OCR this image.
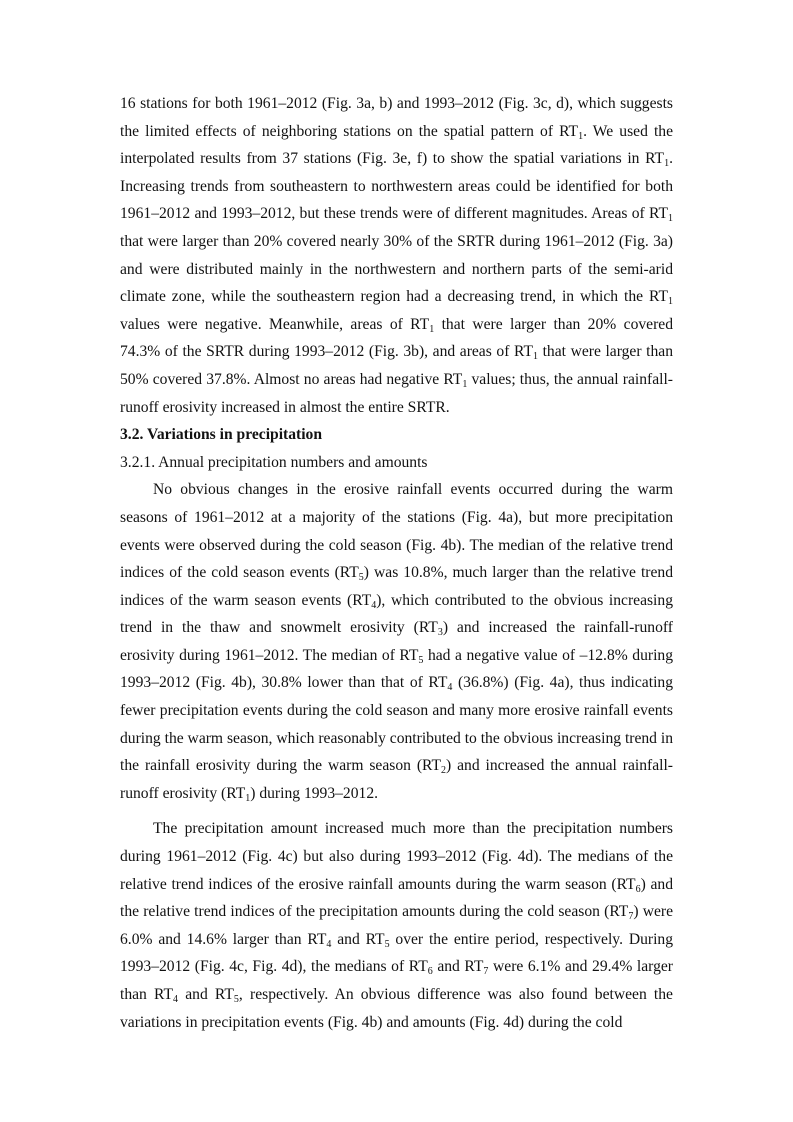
16 stations for both 1961–2012 (Fig. 3a, b) and 1993–2012 (Fig. 3c, d), which suggests the limited effects of neighboring stations on the spatial pattern of $RT_1$. We used the interpolated results from 37 stations (Fig. 3e, f) to show the spatial variations in $RT_1$. Increasing trends from southeastern to northwestern areas could be identified for both 1961–2012 and 1993–2012, but these trends were of different magnitudes. Areas of $RT_1$ that were larger than 20% covered nearly 30% of the SRTR during 1961–2012 (Fig. 3a) and were distributed mainly in the northwestern and northern parts of the semi-arid climate zone, while the southeastern region had a decreasing trend, in which the $RT_1$ values were negative. Meanwhile, areas of $RT_1$ that were larger than 20% covered 74.3% of the SRTR during 1993–2012 (Fig. 3b), and areas of $RT_1$ that were larger than 50% covered 37.8%. Almost no areas had negative $RT_1$ values; thus, the annual rainfall-runoff erosivity increased in almost the entire SRTR.

3.2. Variations in precipitation
3.2.1. Annual precipitation numbers and amounts

No obvious changes in the erosive rainfall events occurred during the warm seasons of 1961–2012 at a majority of the stations (Fig. 4a), but more precipitation events were observed during the cold season (Fig. 4b). The median of the relative trend indices of the cold season events $(RT_5)$ was 10.8%, much larger than the relative trend indices of the warm season events $(RT_4)$, which contributed to the obvious increasing trend in the thaw and snowmelt erosivity $(RT_3)$ and increased the rainfall-runoff erosivity during 1961–2012. The median of $RT_5$ had a negative value of –12.8% during 1993–2012 (Fig. 4b), 30.8% lower than that of $RT_4$ (36.8%) (Fig. 4a), thus indicating fewer precipitation events during the cold season and many more erosive rainfall events during the warm season, which reasonably contributed to the obvious increasing trend in the rainfall erosivity during the warm season $(RT_2)$ and increased the annual rainfall-runoff erosivity $(RT_1)$ during 1993–2012.

The precipitation amount increased much more than the precipitation numbers during 1961–2012 (Fig. 4c) but also during 1993–2012 (Fig. 4d). The medians of the relative trend indices of the erosive rainfall amounts during the warm season $(RT_6)$ and the relative trend indices of the precipitation amounts during the cold season $(RT_7)$ were 6.0% and 14.6% larger than $RT_4$ and $RT_5$ over the entire period, respectively. During 1993–2012 (Fig. 4c, Fig. 4d), the medians of $RT_6$ and $RT_7$ were 6.1% and 29.4% larger than $RT_4$ and $RT_5$, respectively. An obvious difference was also found between the variations in precipitation events (Fig. 4b) and amounts (Fig. 4d) during the cold
